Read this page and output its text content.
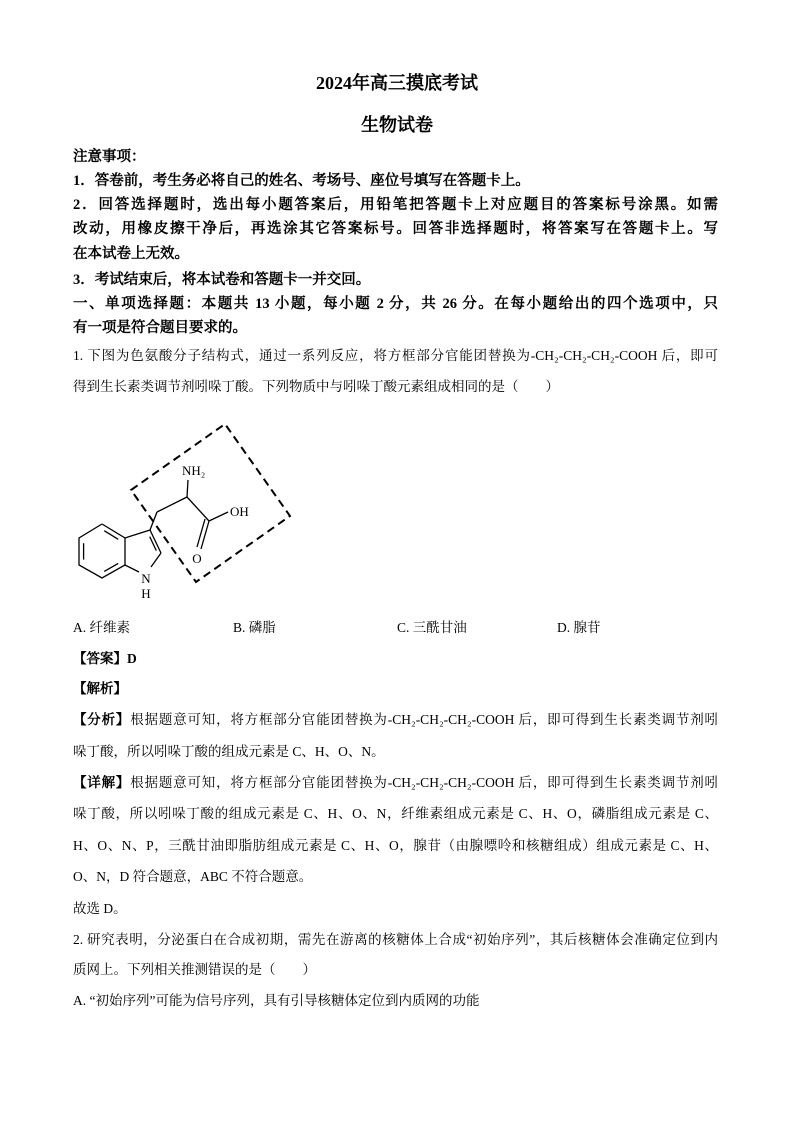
2024年高三摸底考试
生物试卷
注意事项：
1．答卷前，考生务必将自己的姓名、考场号、座位号填写在答题卡上。
2．回答选择题时，选出每小题答案后，用铅笔把答题卡上对应题目的答案标号涂黑。如需
改动，用橡皮擦干净后，再选涂其它答案标号。回答非选择题时，将答案写在答题卡上。写
在本试卷上无效。
3．考试结束后，将本试卷和答题卡一并交回。
一、单项选择题：本题共 13 小题，每小题 2 分，共 26 分。在每小题给出的四个选项中，只
有一项是符合题目要求的。
1. 下图为色氨酸分子结构式，通过一系列反应，将方框部分官能团替换为-CH₂-CH₂-CH₂-COOH 后，即可
得到生长素类调节剂吲哚丁酸。下列物质中与吲哚丁酸元素组成相同的是（　　）
N
H
NH₂
OH
O
A. 纤维素	B. 磷脂	C. 三酰甘油	D. 腺苷
【答案】D
【解析】
【分析】根据题意可知，将方框部分官能团替换为-CH₂-CH₂-CH₂-COOH 后，即可得到生长素类调节剂吲
哚丁酸，所以吲哚丁酸的组成元素是 C、H、O、N。
【详解】根据题意可知，将方框部分官能团替换为-CH₂-CH₂-CH₂-COOH 后，即可得到生长素类调节剂吲
哚丁酸，所以吲哚丁酸的组成元素是 C、H、O、N，纤维素组成元素是 C、H、O，磷脂组成元素是 C、
H、O、N、P，三酰甘油即脂肪组成元素是 C、H、O，腺苷（由腺嘌呤和核糖组成）组成元素是 C、H、
O、N，D 符合题意，ABC 不符合题意。
故选 D。
2. 研究表明，分泌蛋白在合成初期，需先在游离的核糖体上合成“初始序列”，其后核糖体会准确定位到内
质网上。下列相关推测错误的是（　　）
A. “初始序列”可能为信号序列，具有引导核糖体定位到内质网的功能
